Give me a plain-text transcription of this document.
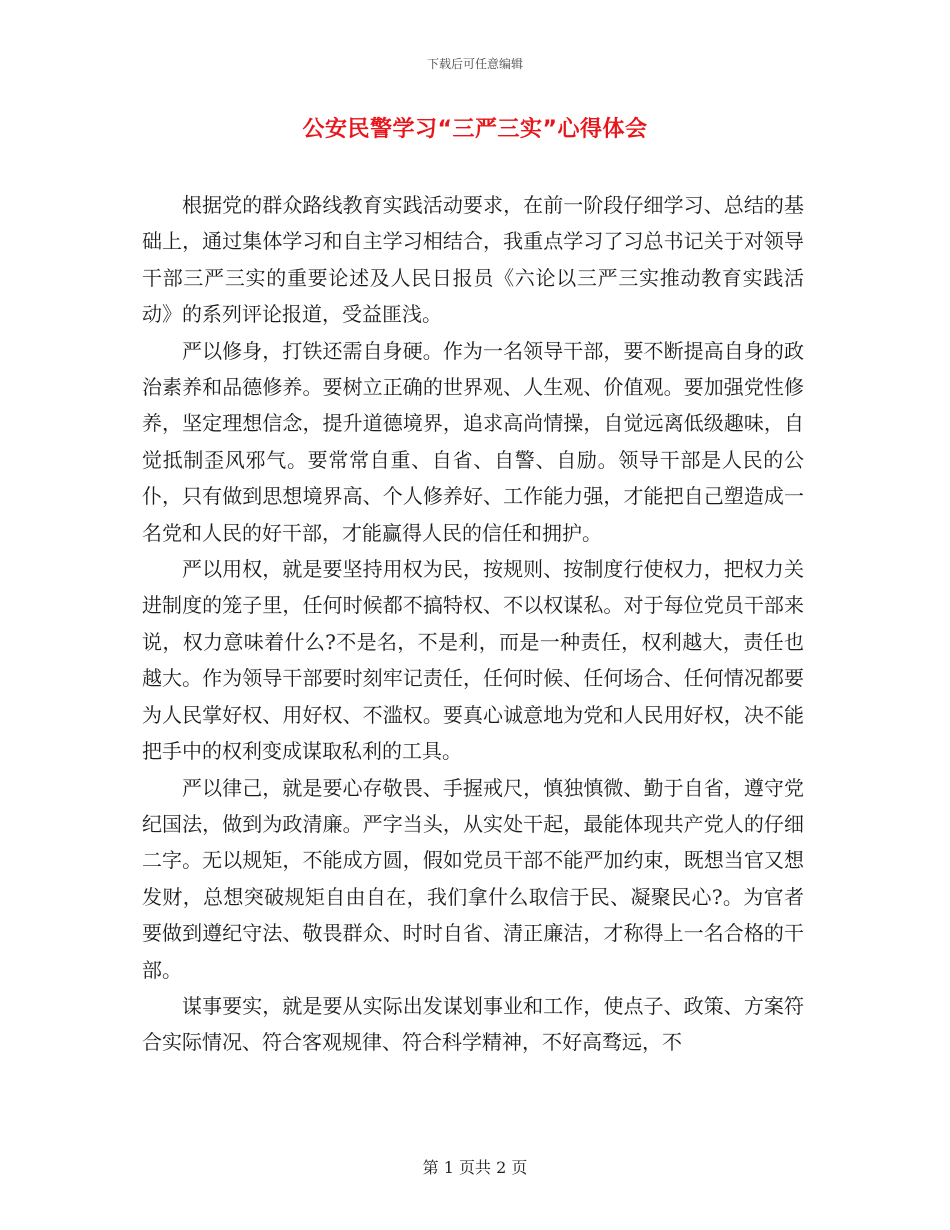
下载后可任意编辑
公安民警学习“三严三实”心得体会

根据党的群众路线教育实践活动要求，在前一阶段仔细学习、总结的基础上，通过集体学习和自主学习相结合，我重点学习了习总书记关于对领导干部三严三实的重要论述及人民日报员《六论以三严三实推动教育实践活动》的系列评论报道，受益匪浅。

严以修身，打铁还需自身硬。作为一名领导干部，要不断提高自身的政治素养和品德修养。要树立正确的世界观、人生观、价值观。要加强党性修养，坚定理想信念，提升道德境界，追求高尚情操，自觉远离低级趣味，自觉抵制歪风邪气。要常常自重、自省、自警、自励。领导干部是人民的公仆，只有做到思想境界高、个人修养好、工作能力强，才能把自己塑造成一名党和人民的好干部，才能赢得人民的信任和拥护。

严以用权，就是要坚持用权为民，按规则、按制度行使权力，把权力关进制度的笼子里，任何时候都不搞特权、不以权谋私。对于每位党员干部来说，权力意味着什么?不是名，不是利，而是一种责任，权利越大，责任也越大。作为领导干部要时刻牢记责任，任何时候、任何场合、任何情况都要为人民掌好权、用好权、不滥权。要真心诚意地为党和人民用好权，决不能把手中的权利变成谋取私利的工具。

严以律己，就是要心存敬畏、手握戒尺，慎独慎微、勤于自省，遵守党纪国法，做到为政清廉。严字当头，从实处干起，最能体现共产党人的仔细二字。无以规矩，不能成方圆，假如党员干部不能严加约束，既想当官又想发财，总想突破规矩自由自在，我们拿什么取信于民、凝聚民心?。为官者要做到遵纪守法、敬畏群众、时时自省、清正廉洁，才称得上一名合格的干部。

谋事要实，就是要从实际出发谋划事业和工作，使点子、政策、方案符合实际情况、符合客观规律、符合科学精神，不好高骛远，不

第 1 页共 2 页
